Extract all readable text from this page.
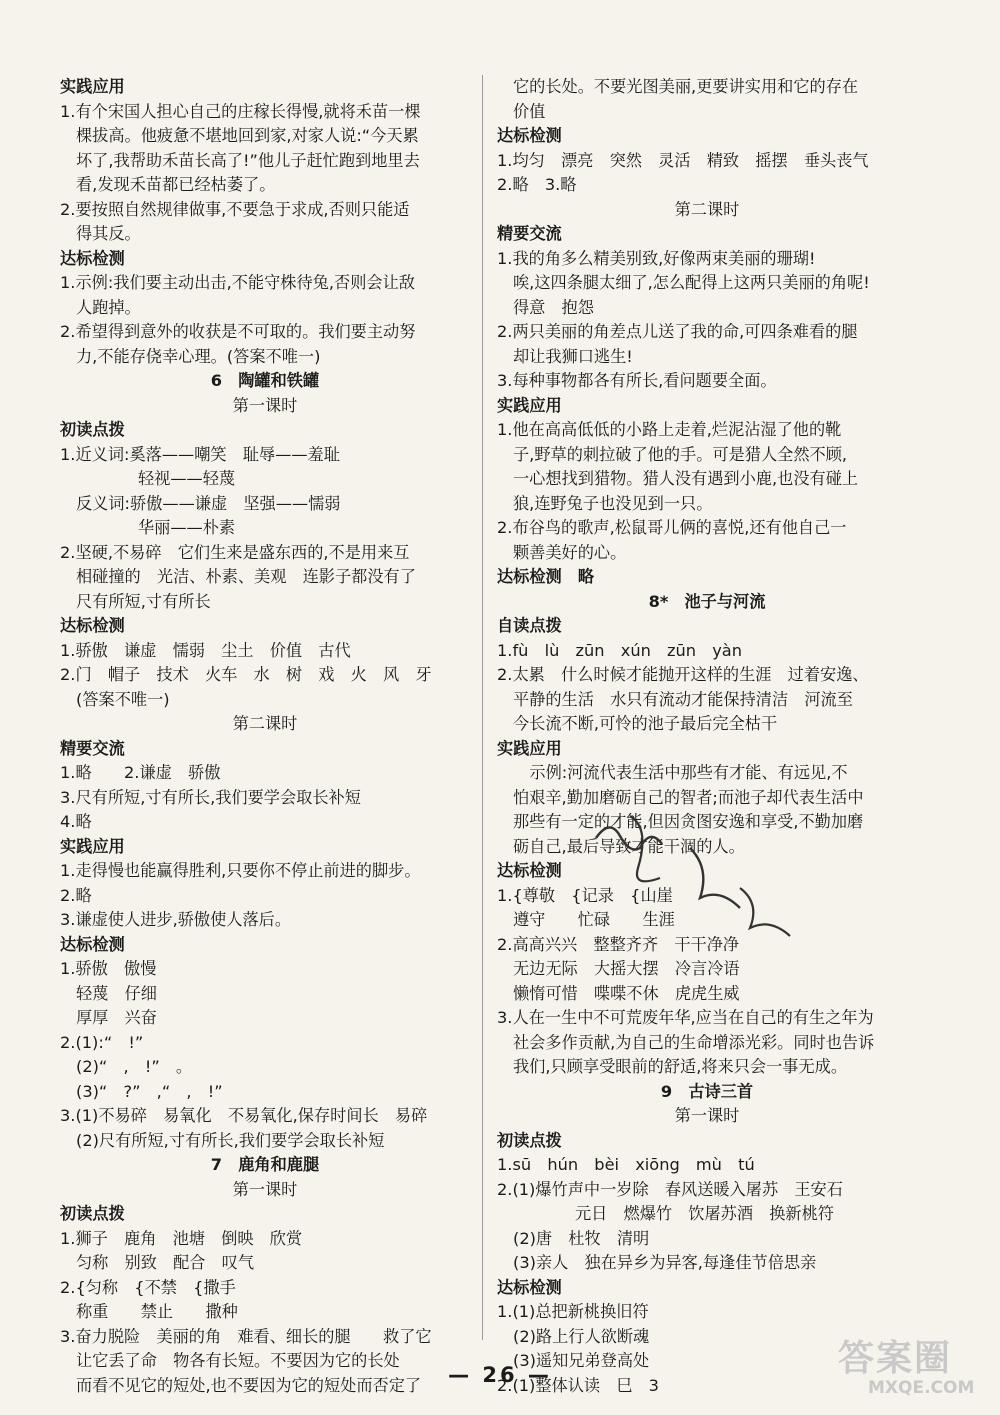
实践应用
1.有个宋国人担心自己的庄稼长得慢,就将禾苗一棵
棵拔高。他疲惫不堪地回到家,对家人说:“今天累
坏了,我帮助禾苗长高了!”他儿子赶忙跑到地里去
看,发现禾苗都已经枯萎了。
2.要按照自然规律做事,不要急于求成,否则只能适
得其反。
达标检测
1.示例:我们要主动出击,不能守株待兔,否则会让敌
人跑掉。
2.希望得到意外的收获是不可取的。我们要主动努
力,不能存侥幸心理。(答案不唯一)
6　陶罐和铁罐
第一课时
初读点拨
1.近义词:奚落——嘲笑　耻辱——羞耻
轻视——轻蔑
反义词:骄傲——谦虚　坚强——懦弱
华丽——朴素
2.坚硬,不易碎　它们生来是盛东西的,不是用来互
相碰撞的　光洁、朴素、美观　连影子都没有了
尺有所短,寸有所长
达标检测
1.骄傲　谦虚　懦弱　尘土　价值　古代
2.门　帽子　技术　火车　水　树　戏　火　风　牙
(答案不唯一)
第二课时
精要交流
1.略　　2.谦虚　骄傲
3.尺有所短,寸有所长,我们要学会取长补短
4.略
实践应用
1.走得慢也能赢得胜利,只要你不停止前进的脚步。
2.略
3.谦虚使人进步,骄傲使人落后。
达标检测
1.骄傲　傲慢
轻蔑　仔细
厚厚　兴奋
2.(1):“　!”
(2)“　,　!”　。
(3)“　?”　,“　,　!”
3.(1)不易碎　易氧化　不易氧化,保存时间长　易碎
(2)尺有所短,寸有所长,我们要学会取长补短
7　鹿角和鹿腿
第一课时
初读点拨
1.狮子　鹿角　池塘　倒映　欣赏
匀称　别致　配合　叹气
2.{匀称　{不禁　{撒手
称重　　禁止　　撒种
3.奋力脱险　美丽的角　难看、细长的腿　　救了它
让它丢了命　物各有长短。不要因为它的长处
而看不见它的短处,也不要因为它的短处而否定了
它的长处。不要光图美丽,更要讲实用和它的存在
价值
达标检测
1.均匀　漂亮　突然　灵活　精致　摇摆　垂头丧气
2.略　3.略
第二课时
精要交流
1.我的角多么精美别致,好像两束美丽的珊瑚!
唉,这四条腿太细了,怎么配得上这两只美丽的角呢!
得意　抱怨
2.两只美丽的角差点儿送了我的命,可四条难看的腿
却让我狮口逃生!
3.每种事物都各有所长,看问题要全面。
实践应用
1.他在高高低低的小路上走着,烂泥沾湿了他的靴
子,野草的刺拉破了他的手。可是猎人全然不顾,
一心想找到猎物。猎人没有遇到小鹿,也没有碰上
狼,连野兔子也没见到一只。
2.布谷鸟的歌声,松鼠哥儿俩的喜悦,还有他自己一
颗善美好的心。
达标检测　略
8*　池子与河流
自读点拨
1.fù　lù　zūn　xún　zūn　yàn
2.太累　什么时候才能抛开这样的生涯　过着安逸、
平静的生活　水只有流动才能保持清洁　河流至
今长流不断,可怜的池子最后完全枯干
实践应用
示例:河流代表生活中那些有才能、有远见,不
怕艰辛,勤加磨砺自己的智者;而池子却代表生活中
那些有一定的才能,但因贪图安逸和享受,不勤加磨
砺自己,最后导致才能干涸的人。
达标检测
1.{尊敬　{记录　{山崖
遵守　　忙碌　　生涯
2.高高兴兴　整整齐齐　干干净净
无边无际　大摇大摆　冷言冷语
懒惰可惜　喋喋不休　虎虎生威
3.人在一生中不可荒废年华,应当在自己的有生之年为
社会多作贡献,为自己的生命增添光彩。同时也告诉
我们,只顾享受眼前的舒适,将来只会一事无成。
9　古诗三首
第一课时
初读点拨
1.sū　hún　bèi　xiōng　mù　tú
2.(1)爆竹声中一岁除　春风送暖入屠苏　王安石
元日　燃爆竹　饮屠苏酒　换新桃符
(2)唐　杜牧　清明
(3)亲人　独在异乡为异客,每逢佳节倍思亲
达标检测
1.(1)总把新桃换旧符
(2)路上行人欲断魂
(3)遥知兄弟登高处
2.(1)整体认读　巳　3
— 26 —	答案圈
MXQE.COM
